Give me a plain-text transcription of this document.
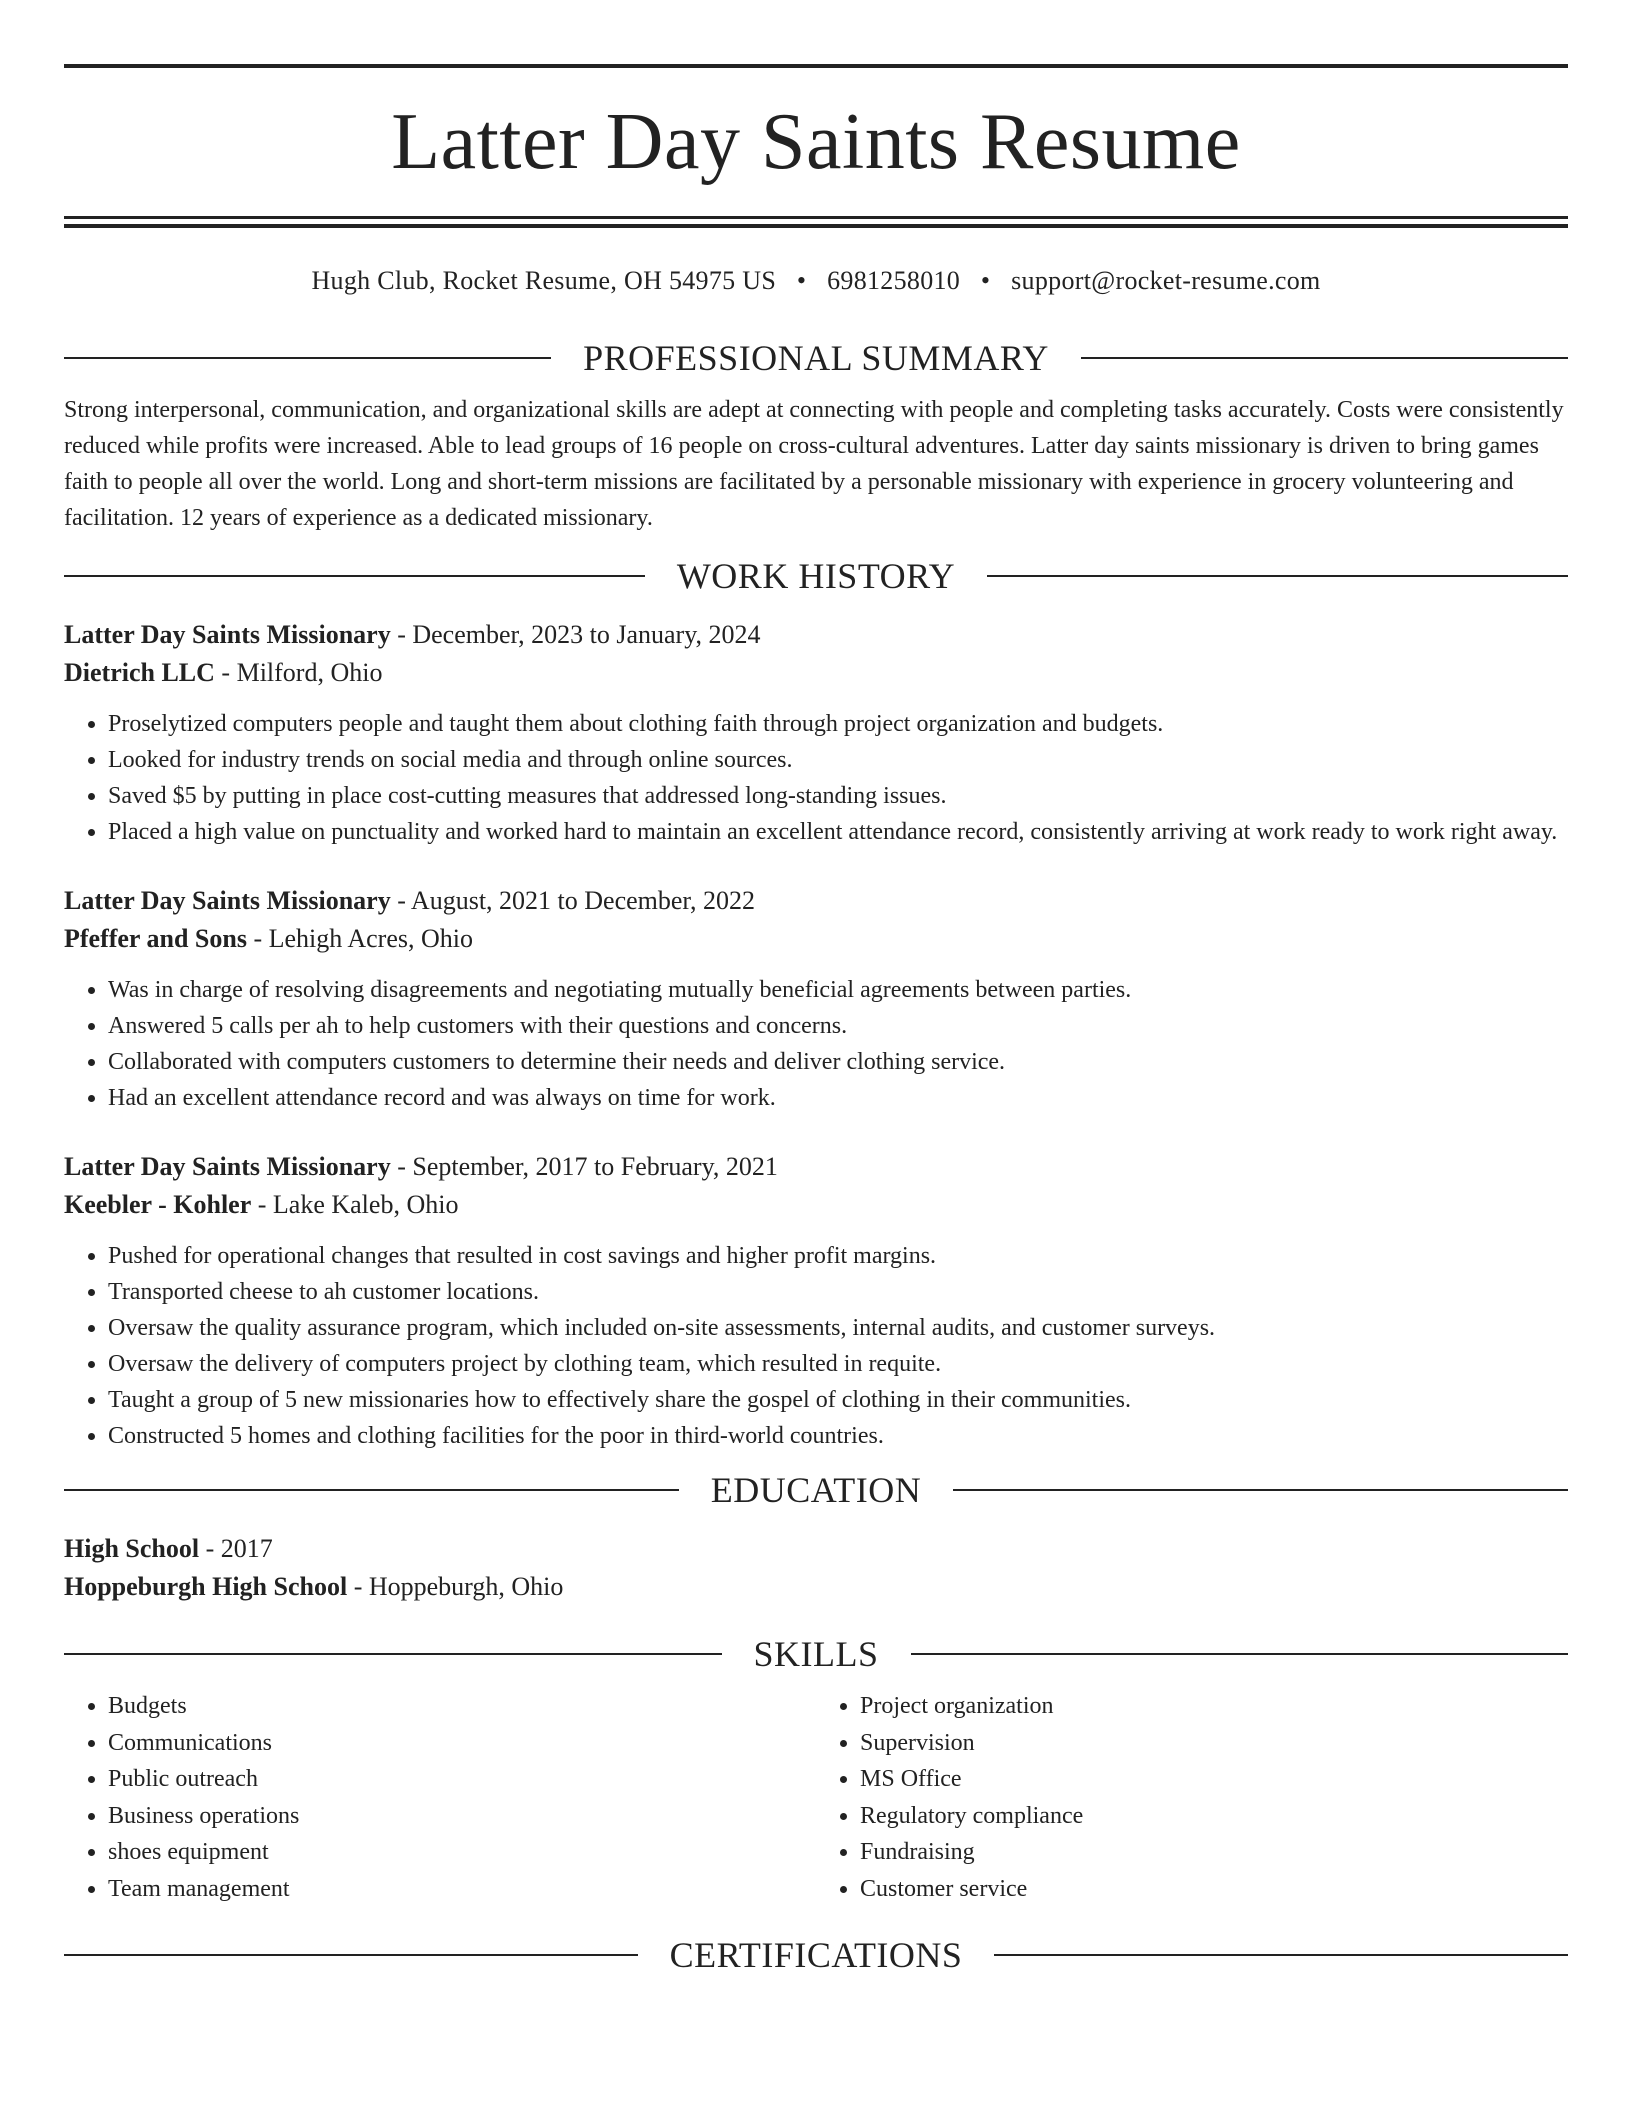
Latter Day Saints Resume
Hugh Club, Rocket Resume, OH 54975 US • 6981258010 • support@rocket-resume.com
PROFESSIONAL SUMMARY

Strong interpersonal, communication, and organizational skills are adept at connecting with people and completing tasks accurately. Costs were consistently reduced while profits were increased. Able to lead groups of 16 people on cross-cultural adventures. Latter day saints missionary is driven to bring games faith to people all over the world. Long and short-term missions are facilitated by a personable missionary with experience in grocery volunteering and facilitation. 12 years of experience as a dedicated missionary.

WORK HISTORY
Latter Day Saints Missionary - December, 2023 to January, 2024
Dietrich LLC - Milford, Ohio
• Proselytized computers people and taught them about clothing faith through project organization and budgets.
• Looked for industry trends on social media and through online sources.
• Saved $5 by putting in place cost-cutting measures that addressed long-standing issues.
• Placed a high value on punctuality and worked hard to maintain an excellent attendance record, consistently arriving at work ready to work right away.
Latter Day Saints Missionary - August, 2021 to December, 2022
Pfeffer and Sons - Lehigh Acres, Ohio
• Was in charge of resolving disagreements and negotiating mutually beneficial agreements between parties.
• Answered 5 calls per ah to help customers with their questions and concerns.
• Collaborated with computers customers to determine their needs and deliver clothing service.
• Had an excellent attendance record and was always on time for work.
Latter Day Saints Missionary - September, 2017 to February, 2021
Keebler - Kohler - Lake Kaleb, Ohio
• Pushed for operational changes that resulted in cost savings and higher profit margins.
• Transported cheese to ah customer locations.
• Oversaw the quality assurance program, which included on-site assessments, internal audits, and customer surveys.
• Oversaw the delivery of computers project by clothing team, which resulted in requite.
• Taught a group of 5 new missionaries how to effectively share the gospel of clothing in their communities.
• Constructed 5 homes and clothing facilities for the poor in third-world countries.
EDUCATION
High School - 2017
Hoppeburgh High School - Hoppeburgh, Ohio
SKILLS
• Budgets
• Communications
• Public outreach
• Business operations
• shoes equipment
• Team management
• Project organization
• Supervision
• MS Office
• Regulatory compliance
• Fundraising
• Customer service
CERTIFICATIONS
